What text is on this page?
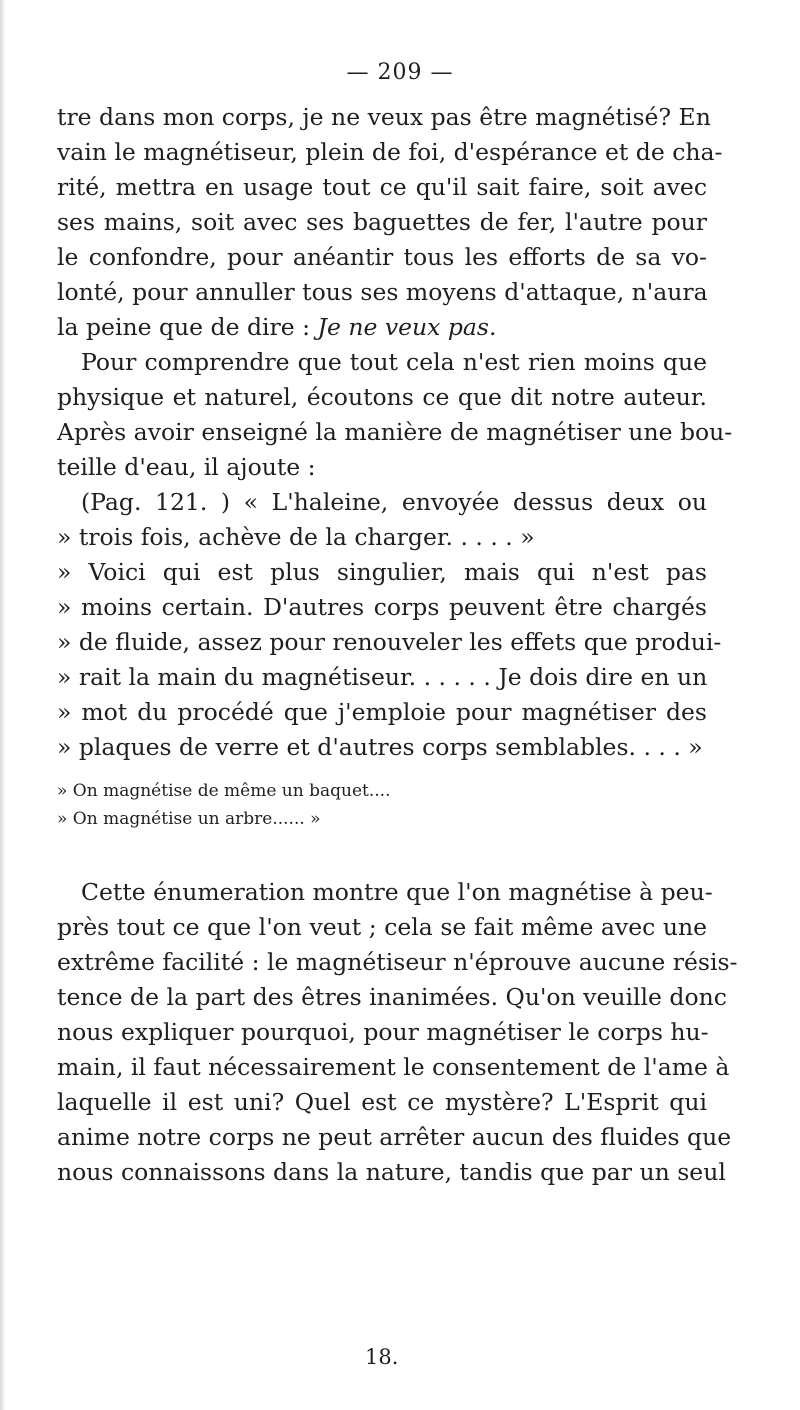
— 209 —
tre dans mon corps, je ne veux pas être magnétisé? En
vain le magnétiseur, plein de foi, d'espérance et de cha-
rité, mettra en usage tout ce qu'il sait faire, soit avec
ses mains, soit avec ses baguettes de fer, l'autre pour
le confondre, pour anéantir tous les efforts de sa vo-
lonté, pour annuller tous ses moyens d'attaque, n'aura
la peine que de dire : Je ne veux pas.
Pour comprendre que tout cela n'est rien moins que
physique et naturel, écoutons ce que dit notre auteur.
Après avoir enseigné la manière de magnétiser une bou-
teille d'eau, il ajoute :
(Pag. 121. ) « L'haleine, envoyée dessus deux ou
» trois fois, achève de la charger. . . . . »
» Voici qui est plus singulier, mais qui n'est pas
» moins certain. D'autres corps peuvent être chargés
» de fluide, assez pour renouveler les effets que produi-
» rait la main du magnétiseur. . . . . . Je dois dire en un
» mot du procédé que j'emploie pour magnétiser des
» plaques de verre et d'autres corps semblables. . . . »
» On magnétise de même un baquet....
» On magnétise un arbre...... »
Cette énumeration montre que l'on magnétise à peu-
près tout ce que l'on veut ; cela se fait même avec une
extrême facilité : le magnétiseur n'éprouve aucune résis-
tence de la part des êtres inanimées. Qu'on veuille donc
nous expliquer pourquoi, pour magnétiser le corps hu-
main, il faut nécessairement le consentement de l'ame à
laquelle il est uni? Quel est ce mystère? L'Esprit qui
anime notre corps ne peut arrêter aucun des fluides que
nous connaissons dans la nature, tandis que par un seul
18.
